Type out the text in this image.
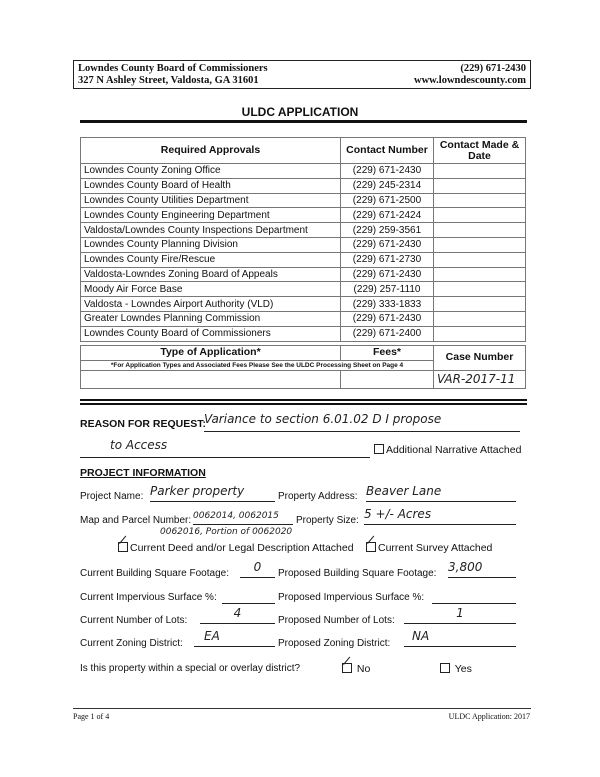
Lowndes County Board of Commissioners	(229) 671-2430
327 N Ashley Street, Valdosta, GA 31601	www.lowndescounty.com
ULDC APPLICATION
Required Approvals	Contact Number	Contact Made & Date
Lowndes County Zoning Office	(229) 671-2430	
Lowndes County Board of Health	(229) 245-2314	
Lowndes County Utilities Department	(229) 671-2500	
Lowndes County Engineering Department	(229) 671-2424	
Valdosta/Lowndes County Inspections Department	(229) 259-3561	
Lowndes County Planning Division	(229) 671-2430	
Lowndes County Fire/Rescue	(229) 671-2730	
Valdosta-Lowndes Zoning Board of Appeals	(229) 671-2430	
Moody Air Force Base	(229) 257-1110	
Valdosta - Lowndes Airport Authority (VLD)	(229) 333-1833	
Greater Lowndes Planning Commission	(229) 671-2430	
Lowndes County Board of Commissioners	(229) 671-2400	
Type of Application*	Fees*	Case Number
*For Application Types and Associated Fees Please See the ULDC Processing Sheet on Page 4		
		VAR-2017-11
REASON FOR REQUEST:
Variance to section 6.01.02 D I propose
to Access	Additional Narrative Attached
PROJECT INFORMATION
Project Name: Parker property	Property Address: Beaver Lane
Map and Parcel Number: 0062014, 0062015
0062016, Portion of 0062020
Property Size: 5 +/- Acres
Current Deed and/or Legal Description Attached	Current Survey Attached
Current Building Square Footage:	0	Proposed Building Square Footage: 3,800
Current Impervious Surface %:	Proposed Impervious Surface %:
Current Number of Lots:
4
Proposed Number of Lots:
1
Current Zoning District:
EA
Proposed Zoning District:
NA
Is this property within a special or overlay district?	No	Yes
Page 1 of 4	ULDC Application: 2017
